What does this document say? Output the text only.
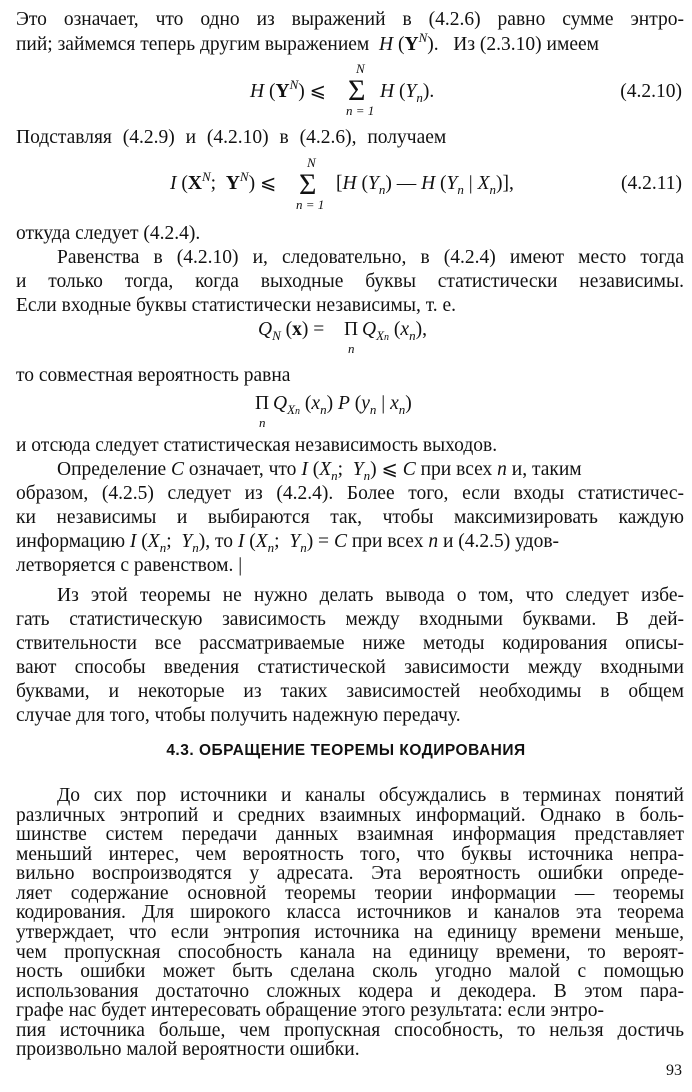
Это означает, что одно из выражений в (4.2.6) равно сумме энтро-
пий; займемся теперь другим выражением  H $(Y^N)$.   Из (2.3.10) имеем
H $(Y^N)$ ⩽
N
Σ
n = 1
H $(Y_n)$.	(4.2.10)
Подставляя (4.2.9) и (4.2.10) в (4.2.6), получаем
I ($X^N$;  $Y^N$) ⩽
N
Σ
n = 1
[H $(Y_n)$ — H ($Y_n$ | $X_n$)],	(4.2.11)
откуда следует (4.2.4).
Равенства в (4.2.10) и, следовательно, в (4.2.4) имеют место тогда
и только тогда, когда выходные буквы статистически независимы.
Если входные буквы статистически независимы, т. е.
$Q_N$ (x) = Π
n
$Q_{Xn}$ $(x_n)$,
то совместная вероятность равна
Π
n
$Q_{Xn}$ $(x_n)$ P ($y_n$ | $x_n$)
и отсюда следует статистическая независимость выходов.
Определение C означает, что I ($X_n$;  $Y_n$) ⩽ C при всех n и, таким
образом, (4.2.5) следует из (4.2.4). Более того, если входы статистичес-
ки независимы и выбираются так, чтобы максимизировать каждую
информацию I ($X_n$;  $Y_n$), то I ($X_n$;  $Y_n) = C$ при всех n и (4.2.5) удов-
летворяется с равенством. |
Из этой теоремы не нужно делать вывода о том, что следует избе-
гать статистическую зависимость между входными буквами. В дей-
ствительности все рассматриваемые ниже методы кодирования описы-
вают способы введения статистической зависимости между входными
буквами, и некоторые из таких зависимостей необходимы в общем
случае для того, чтобы получить надежную передачу.
4.3. ОБРАЩЕНИЕ ТЕОРЕМЫ КОДИРОВАНИЯ
До сих пор источники и каналы обсуждались в терминах понятий
различных энтропий и средних взаимных информаций. Однако в боль-
шинстве систем передачи данных взаимная информация представляет
меньший интерес, чем вероятность того, что буквы источника непра-
вильно воспроизводятся у адресата. Эта вероятность ошибки опреде-
ляет содержание основной теоремы теории информации — теоремы
кодирования. Для широкого класса источников и каналов эта теорема
утверждает, что если энтропия источника на единицу времени меньше,
чем пропускная способность канала на единицу времени, то вероят-
ность ошибки может быть сделана сколь угодно малой с помощью
использования достаточно сложных кодера и декодера. В этом пара-
графе нас будет интересовать обращение этого результата: если энтро-
93
пия источника больше, чем пропускная способность, то нельзя достичь
произвольно малой вероятности ошибки.
